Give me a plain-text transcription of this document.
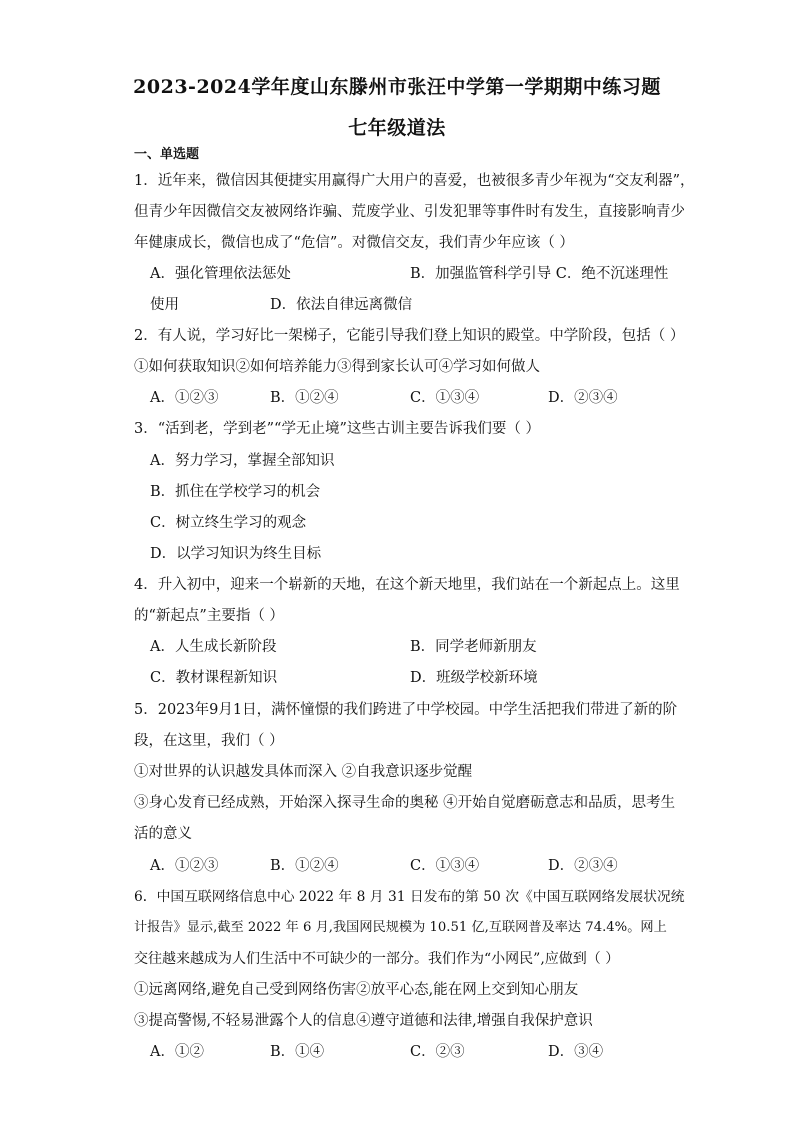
2023-2024学年度山东滕州市张汪中学第一学期期中练习题
七年级道法
一、单选题
1．近年来，微信因其便捷实用赢得广大用户的喜爱，也被很多青少年视为“交友利器”，
但青少年因微信交友被网络诈骗、荒废学业、引发犯罪等事件时有发生，直接影响青少
年健康成长，微信也成了“危信”。对微信交友，我们青少年应该（ ）
A．强化管理依法惩处	B．加强监管科学引导 C．绝不沉迷理性
使用	D．依法自律远离微信
2．有人说，学习好比一架梯子，它能引导我们登上知识的殿堂。中学阶段，包括（ ）
①如何获取知识②如何培养能力③得到家长认可④学习如何做人
A．①②③	B．①②④	C．①③④	D．②③④
3．“活到老，学到老”“学无止境”这些古训主要告诉我们要（ ）
A．努力学习，掌握全部知识
B．抓住在学校学习的机会
C．树立终生学习的观念
D．以学习知识为终生目标
4．升入初中，迎来一个崭新的天地，在这个新天地里，我们站在一个新起点上。这里
的“新起点”主要指（ ）
A．人生成长新阶段	B．同学老师新朋友
C．教材课程新知识	D．班级学校新环境
5．2023年9月1日，满怀憧憬的我们跨进了中学校园。中学生活把我们带进了新的阶
段，在这里，我们（ ）
①对世界的认识越发具体而深入 ②自我意识逐步觉醒
③身心发育已经成熟，开始深入探寻生命的奥秘 ④开始自觉磨砺意志和品质，思考生
活的意义
A．①②③	B．①②④	C．①③④	D．②③④
6．中国互联网络信息中心 2022 年 8 月 31 日发布的第 50 次《中国互联网络发展状况统
计报告》显示,截至 2022 年 6 月,我国网民规模为 10.51 亿,互联网普及率达 74.4%。网上
交往越来越成为人们生活中不可缺少的一部分。我们作为“小网民”,应做到（ ）
①远离网络,避免自己受到网络伤害②放平心态,能在网上交到知心朋友
③提高警惕,不轻易泄露个人的信息④遵守道德和法律,增强自我保护意识
A．①②	B．①④	C．②③	D．③④
